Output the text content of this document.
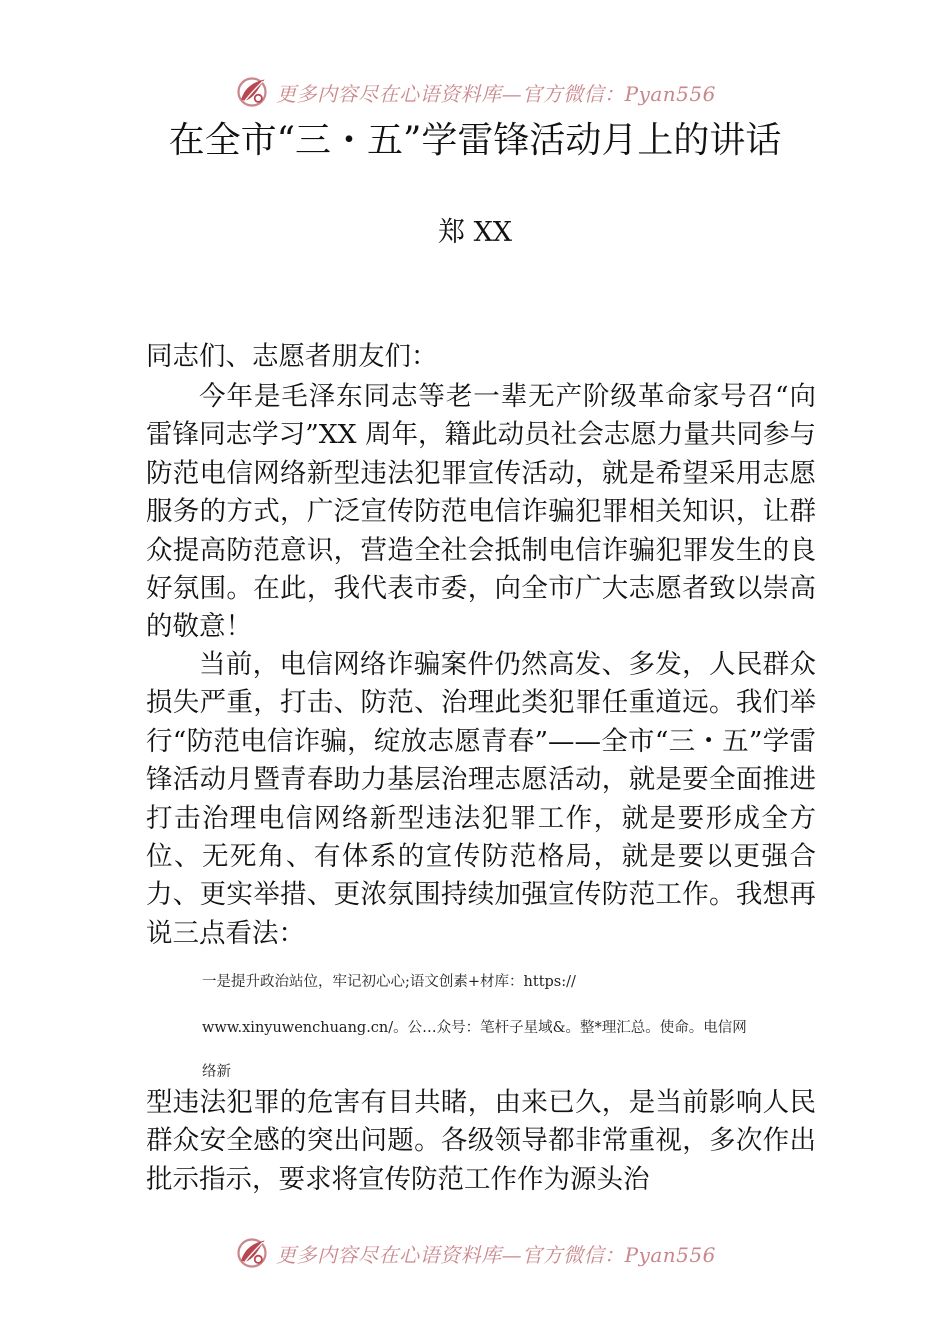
更多内容尽在心语资料库—官方微信：Pyan556
在全市“三・五”学雷锋活动月上的讲话

郑 XX

同志们、志愿者朋友们：

今年是毛泽东同志等老一辈无产阶级革命家号召“向雷锋同志学习”XX 周年，籍此动员社会志愿力量共同参与防范电信网络新型违法犯罪宣传活动，就是希望采用志愿服务的方式，广泛宣传防范电信诈骗犯罪相关知识，让群众提高防范意识，营造全社会抵制电信诈骗犯罪发生的良好氛围。在此，我代表市委，向全市广大志愿者致以崇高的敬意！

当前，电信网络诈骗案件仍然高发、多发，人民群众损失严重，打击、防范、治理此类犯罪任重道远。我们举行“防范电信诈骗，绽放志愿青春”——全市“三・五”学雷锋活动月暨青春助力基层治理志愿活动，就是要全面推进打击治理电信网络新型违法犯罪工作，就是要形成全方位、无死角、有体系的宣传防范格局，就是要以更强合力、更实举措、更浓氛围持续加强宣传防范工作。我想再说三点看法：

一是提升政治站位，牢记初心心;语文创素+材库：https://

www.xinyuwenchuang.cn/。公…众号：笔杆子星域&。整*理汇总。使命。电信网

络新

型违法犯罪的危害有目共睹，由来已久，是当前影响人民群众安全感的突出问题。各级领导都非常重视，多次作出批示指示，要求将宣传防范工作作为源头治

更多内容尽在心语资料库—官方微信：Pyan556
